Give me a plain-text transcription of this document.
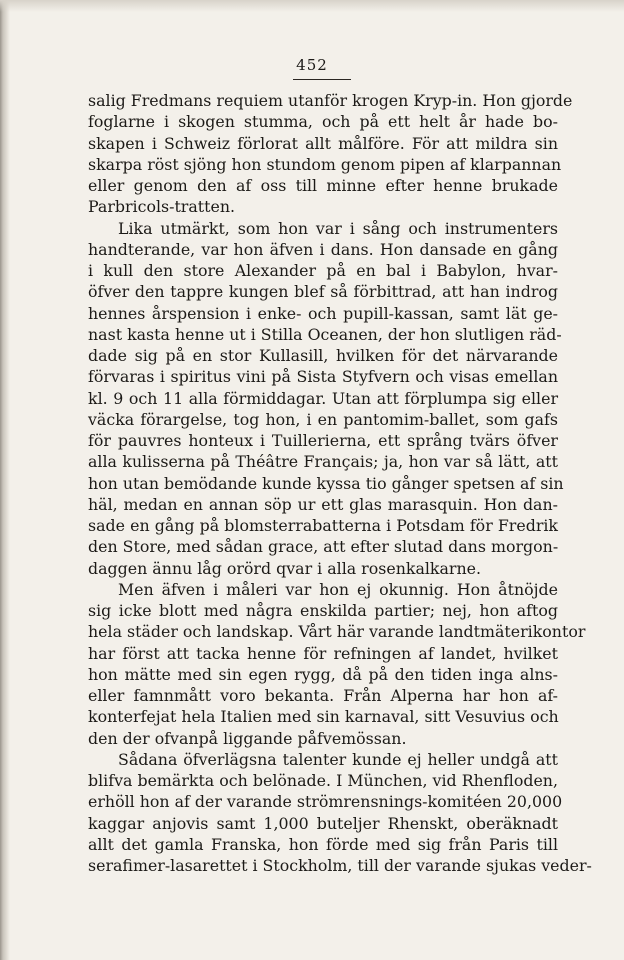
452
salig Fredmans requiem utanför krogen Kryp-in. Hon gjorde
foglarne i skogen stumma, och på ett helt år hade bo-
skapen i Schweiz förlorat allt målföre. För att mildra sin
skarpa röst sjöng hon stundom genom pipen af klarpannan
eller genom den af oss till minne efter henne brukade
Parbricols-tratten.
Lika utmärkt, som hon var i sång och instrumenters
handterande, var hon äfven i dans. Hon dansade en gång
i kull den store Alexander på en bal i Babylon, hvar-
öfver den tappre kungen blef så förbittrad, att han indrog
hennes årspension i enke- och pupill-kassan, samt lät ge-
nast kasta henne ut i Stilla Oceanen, der hon slutligen räd-
dade sig på en stor Kullasill, hvilken för det närvarande
förvaras i spiritus vini på Sista Styfvern och visas emellan
kl. 9 och 11 alla förmiddagar. Utan att förplumpa sig eller
väcka förargelse, tog hon, i en pantomim-ballet, som gafs
för pauvres honteux i Tuillerierna, ett språng tvärs öfver
alla kulisserna på Théâtre Français; ja, hon var så lätt, att
hon utan bemödande kunde kyssa tio gånger spetsen af sin
häl, medan en annan söp ur ett glas marasquin. Hon dan-
sade en gång på blomsterrabatterna i Potsdam för Fredrik
den Store, med sådan grace, att efter slutad dans morgon-
daggen ännu låg orörd qvar i alla rosenkalkarne.
Men äfven i måleri var hon ej okunnig. Hon åtnöjde
sig icke blott med några enskilda partier; nej, hon aftog
hela städer och landskap. Vårt här varande landtmäterikontor
har först att tacka henne för refningen af landet, hvilket
hon mätte med sin egen rygg, då på den tiden inga alns-
eller famnmått voro bekanta. Från Alperna har hon af-
konterfejat hela Italien med sin karnaval, sitt Vesuvius och
den der ofvanpå liggande påfvemössan.
Sådana öfverlägsna talenter kunde ej heller undgå att
blifva bemärkta och belönade. I München, vid Rhenfloden,
erhöll hon af der varande strömrensnings-komitéen 20,000
kaggar anjovis samt 1,000 buteljer Rhenskt, oberäknadt
allt det gamla Franska, hon förde med sig från Paris till
serafimer-lasarettet i Stockholm, till der varande sjukas veder-
